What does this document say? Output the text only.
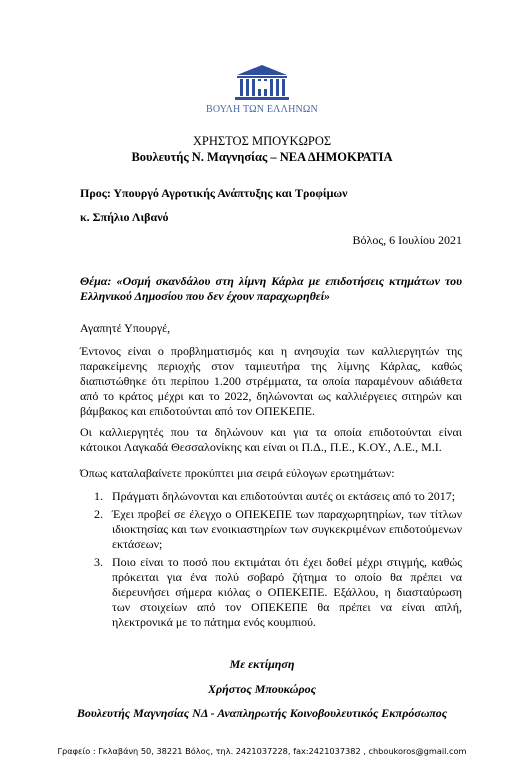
ΒΟΥΛΗ ΤΩΝ ΕΛΛΗΝΩΝ
ΧΡΗΣΤΟΣ ΜΠΟΥΚΩΡΟΣ
Βουλευτής Ν. Μαγνησίας – ΝΕΑ ΔΗΜΟΚΡΑΤΙΑ
Προς: Υπουργό Αγροτικής Ανάπτυξης και Τροφίμων
κ. Σπήλιο Λιβανό
Βόλος, 6 Ιουλίου 2021
Θέμα: «Οσμή σκανδάλου στη λίμνη Κάρλα με επιδοτήσεις κτημάτων του Ελληνικού Δημοσίου που δεν έχουν παραχωρηθεί»
Αγαπητέ Υπουργέ,
Έντονος είναι ο προβληματισμός και η ανησυχία των καλλιεργητών της παρακείμενης περιοχής στον ταμιευτήρα της λίμνης Κάρλας, καθώς διαπιστώθηκε ότι περίπου 1.200 στρέμματα, τα οποία παραμένουν αδιάθετα από το κράτος μέχρι και το 2022, δηλώνονται ως καλλιέργειες σιτηρών και βάμβακος και επιδοτούνται από τον ΟΠΕΚΕΠΕ.
Οι καλλιεργητές που τα δηλώνουν και για τα οποία επιδοτούνται είναι κάτοικοι Λαγκαδά Θεσσαλονίκης και είναι οι Π.Δ., Π.Ε., Κ.ΟΥ., Λ.Ε., Μ.Ι.
Όπως καταλαβαίνετε προκύπτει μια σειρά εύλογων ερωτημάτων:
1. Πράγματι δηλώνονται και επιδοτούνται αυτές οι εκτάσεις από το 2017;
2. Έχει προβεί σε έλεγχο ο ΟΠΕΚΕΠΕ των παραχωρητηρίων, των τίτλων ιδιοκτησίας και των ενοικιαστηρίων των συγκεκριμένων επιδοτούμενων εκτάσεων;
3. Ποιο είναι το ποσό που εκτιμάται ότι έχει δοθεί μέχρι στιγμής, καθώς πρόκειται για ένα πολύ σοβαρό ζήτημα το οποίο θα πρέπει να διερευνήσει σήμερα κιόλας ο ΟΠΕΚΕΠΕ. Εξάλλου, η διασταύρωση των στοιχείων από τον ΟΠΕΚΕΠΕ θα πρέπει να είναι απλή, ηλεκτρονικά με το πάτημα ενός κουμπιού.
Με εκτίμηση
Χρήστος Μπουκώρος
Βουλευτής Μαγνησίας ΝΔ - Αναπληρωτής Κοινοβουλευτικός Εκπρόσωπος
Γραφείο : Γκλαβάνη 50, 38221 Βόλος, τηλ. 2421037228, fax:2421037382 , chboukoros@gmail.com
